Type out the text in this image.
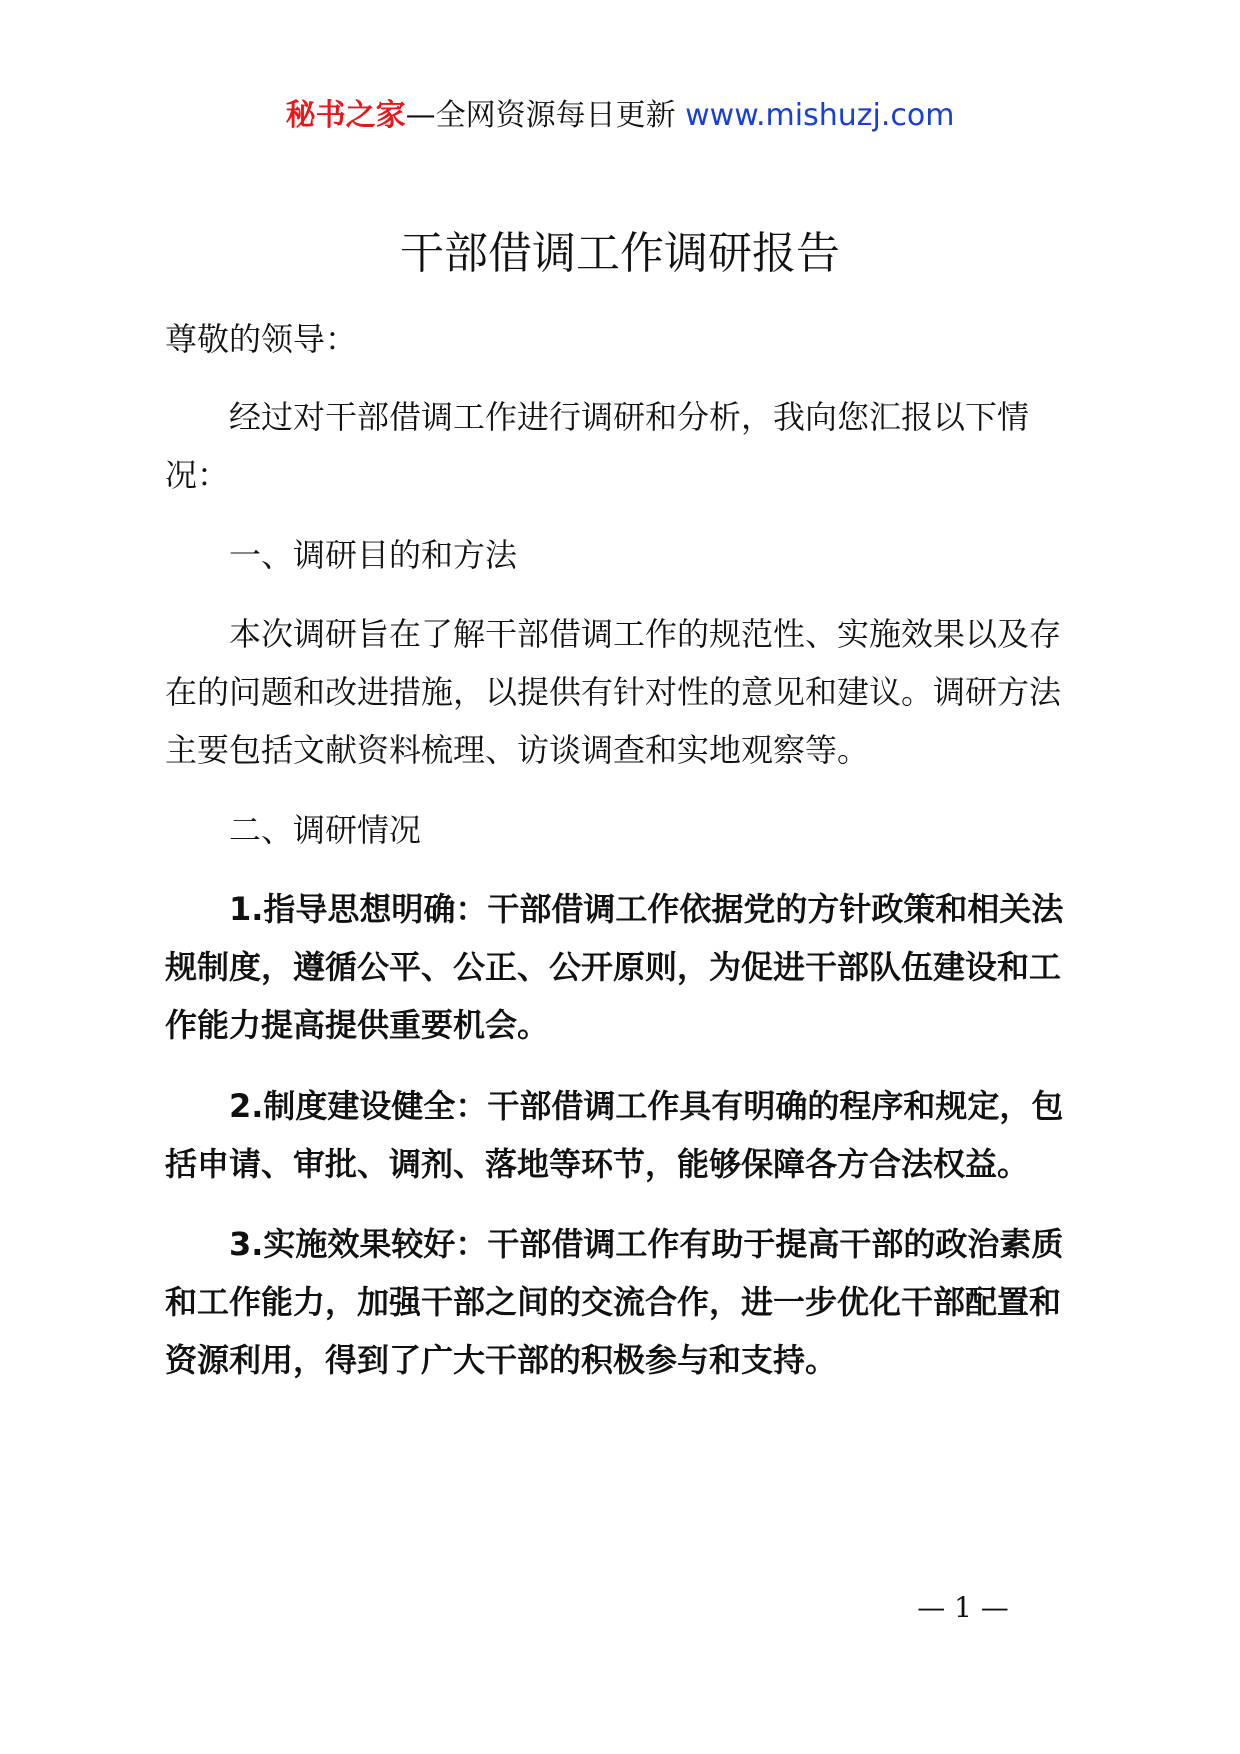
秘书之家—全网资源每日更新 www.mishuzj.com
干部借调工作调研报告

尊敬的领导：

经过对干部借调工作进行调研和分析，我向您汇报以下情况：

一、调研目的和方法

本次调研旨在了解干部借调工作的规范性、实施效果以及存在的问题和改进措施，以提供有针对性的意见和建议。调研方法主要包括文献资料梳理、访谈调查和实地观察等。

二、调研情况

1.指导思想明确：干部借调工作依据党的方针政策和相关法规制度，遵循公平、公正、公开原则，为促进干部队伍建设和工作能力提高提供重要机会。

2.制度建设健全：干部借调工作具有明确的程序和规定，包括申请、审批、调剂、落地等环节，能够保障各方合法权益。

3.实施效果较好：干部借调工作有助于提高干部的政治素质和工作能力，加强干部之间的交流合作，进一步优化干部配置和资源利用，得到了广大干部的积极参与和支持。

— 1 —
